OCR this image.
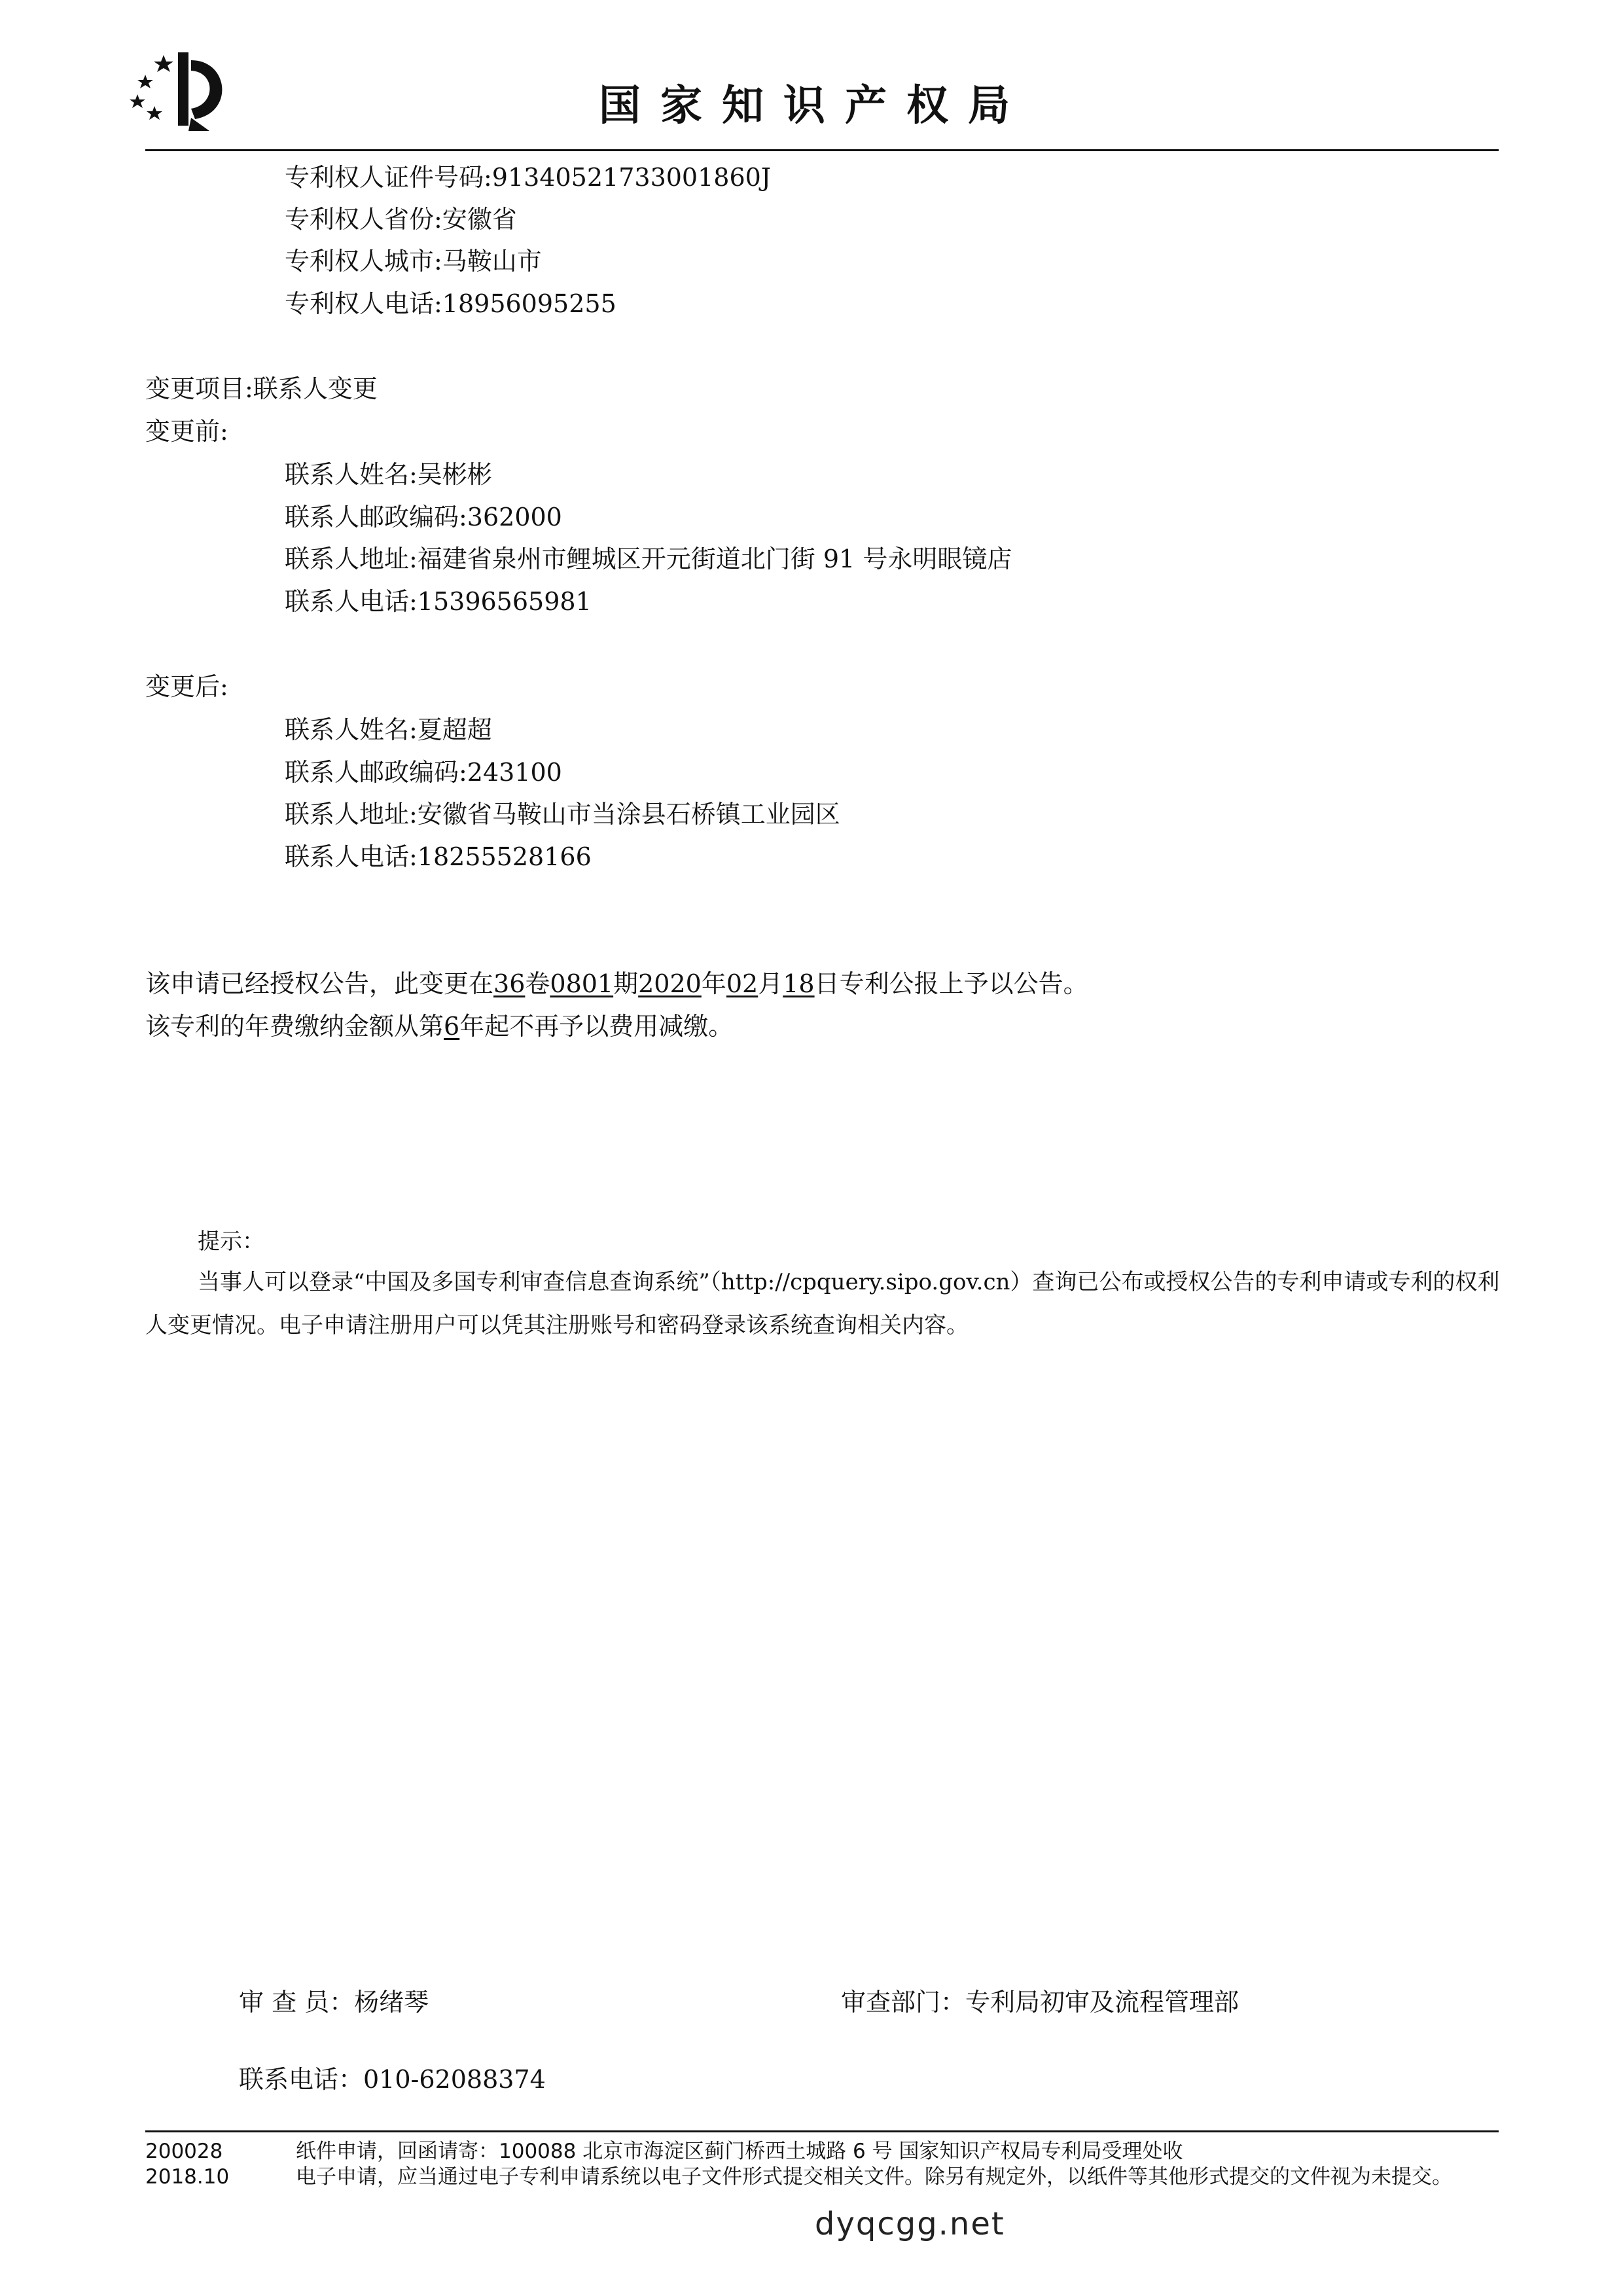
国家知识产权局
专利权人证件号码:91340521733001860J
专利权人省份:安徽省
专利权人城市:马鞍山市
专利权人电话:18956095255
变更项目:联系人变更
变更前:
联系人姓名:吴彬彬
联系人邮政编码:362000
联系人地址:福建省泉州市鲤城区开元街道北门街 91 号永明眼镜店
联系人电话:15396565981
变更后:
联系人姓名:夏超超
联系人邮政编码:243100
联系人地址:安徽省马鞍山市当涂县石桥镇工业园区
联系人电话:18255528166
该申请已经授权公告，此变更在36卷0801期2020年02月18日专利公报上予以公告。
该专利的年费缴纳金额从第6年起不再予以费用减缴。
提示：
当事人可以登录“中国及多国专利审查信息查询系统”（http://cpquery.sipo.gov.cn）查询已公布或授权公告的专利申请或专利的权利人变更情况。电子申请注册用户可以凭其注册账号和密码登录该系统查询相关内容。
审 查 员：杨绪琴	审查部门：专利局初审及流程管理部
联系电话：010-62088374
200028
2018.10
纸件申请，回函请寄：100088 北京市海淀区蓟门桥西土城路 6 号 国家知识产权局专利局受理处收
电子申请，应当通过电子专利申请系统以电子文件形式提交相关文件。除另有规定外，以纸件等其他形式提交的文件视为未提交。
dyqcgg.net
